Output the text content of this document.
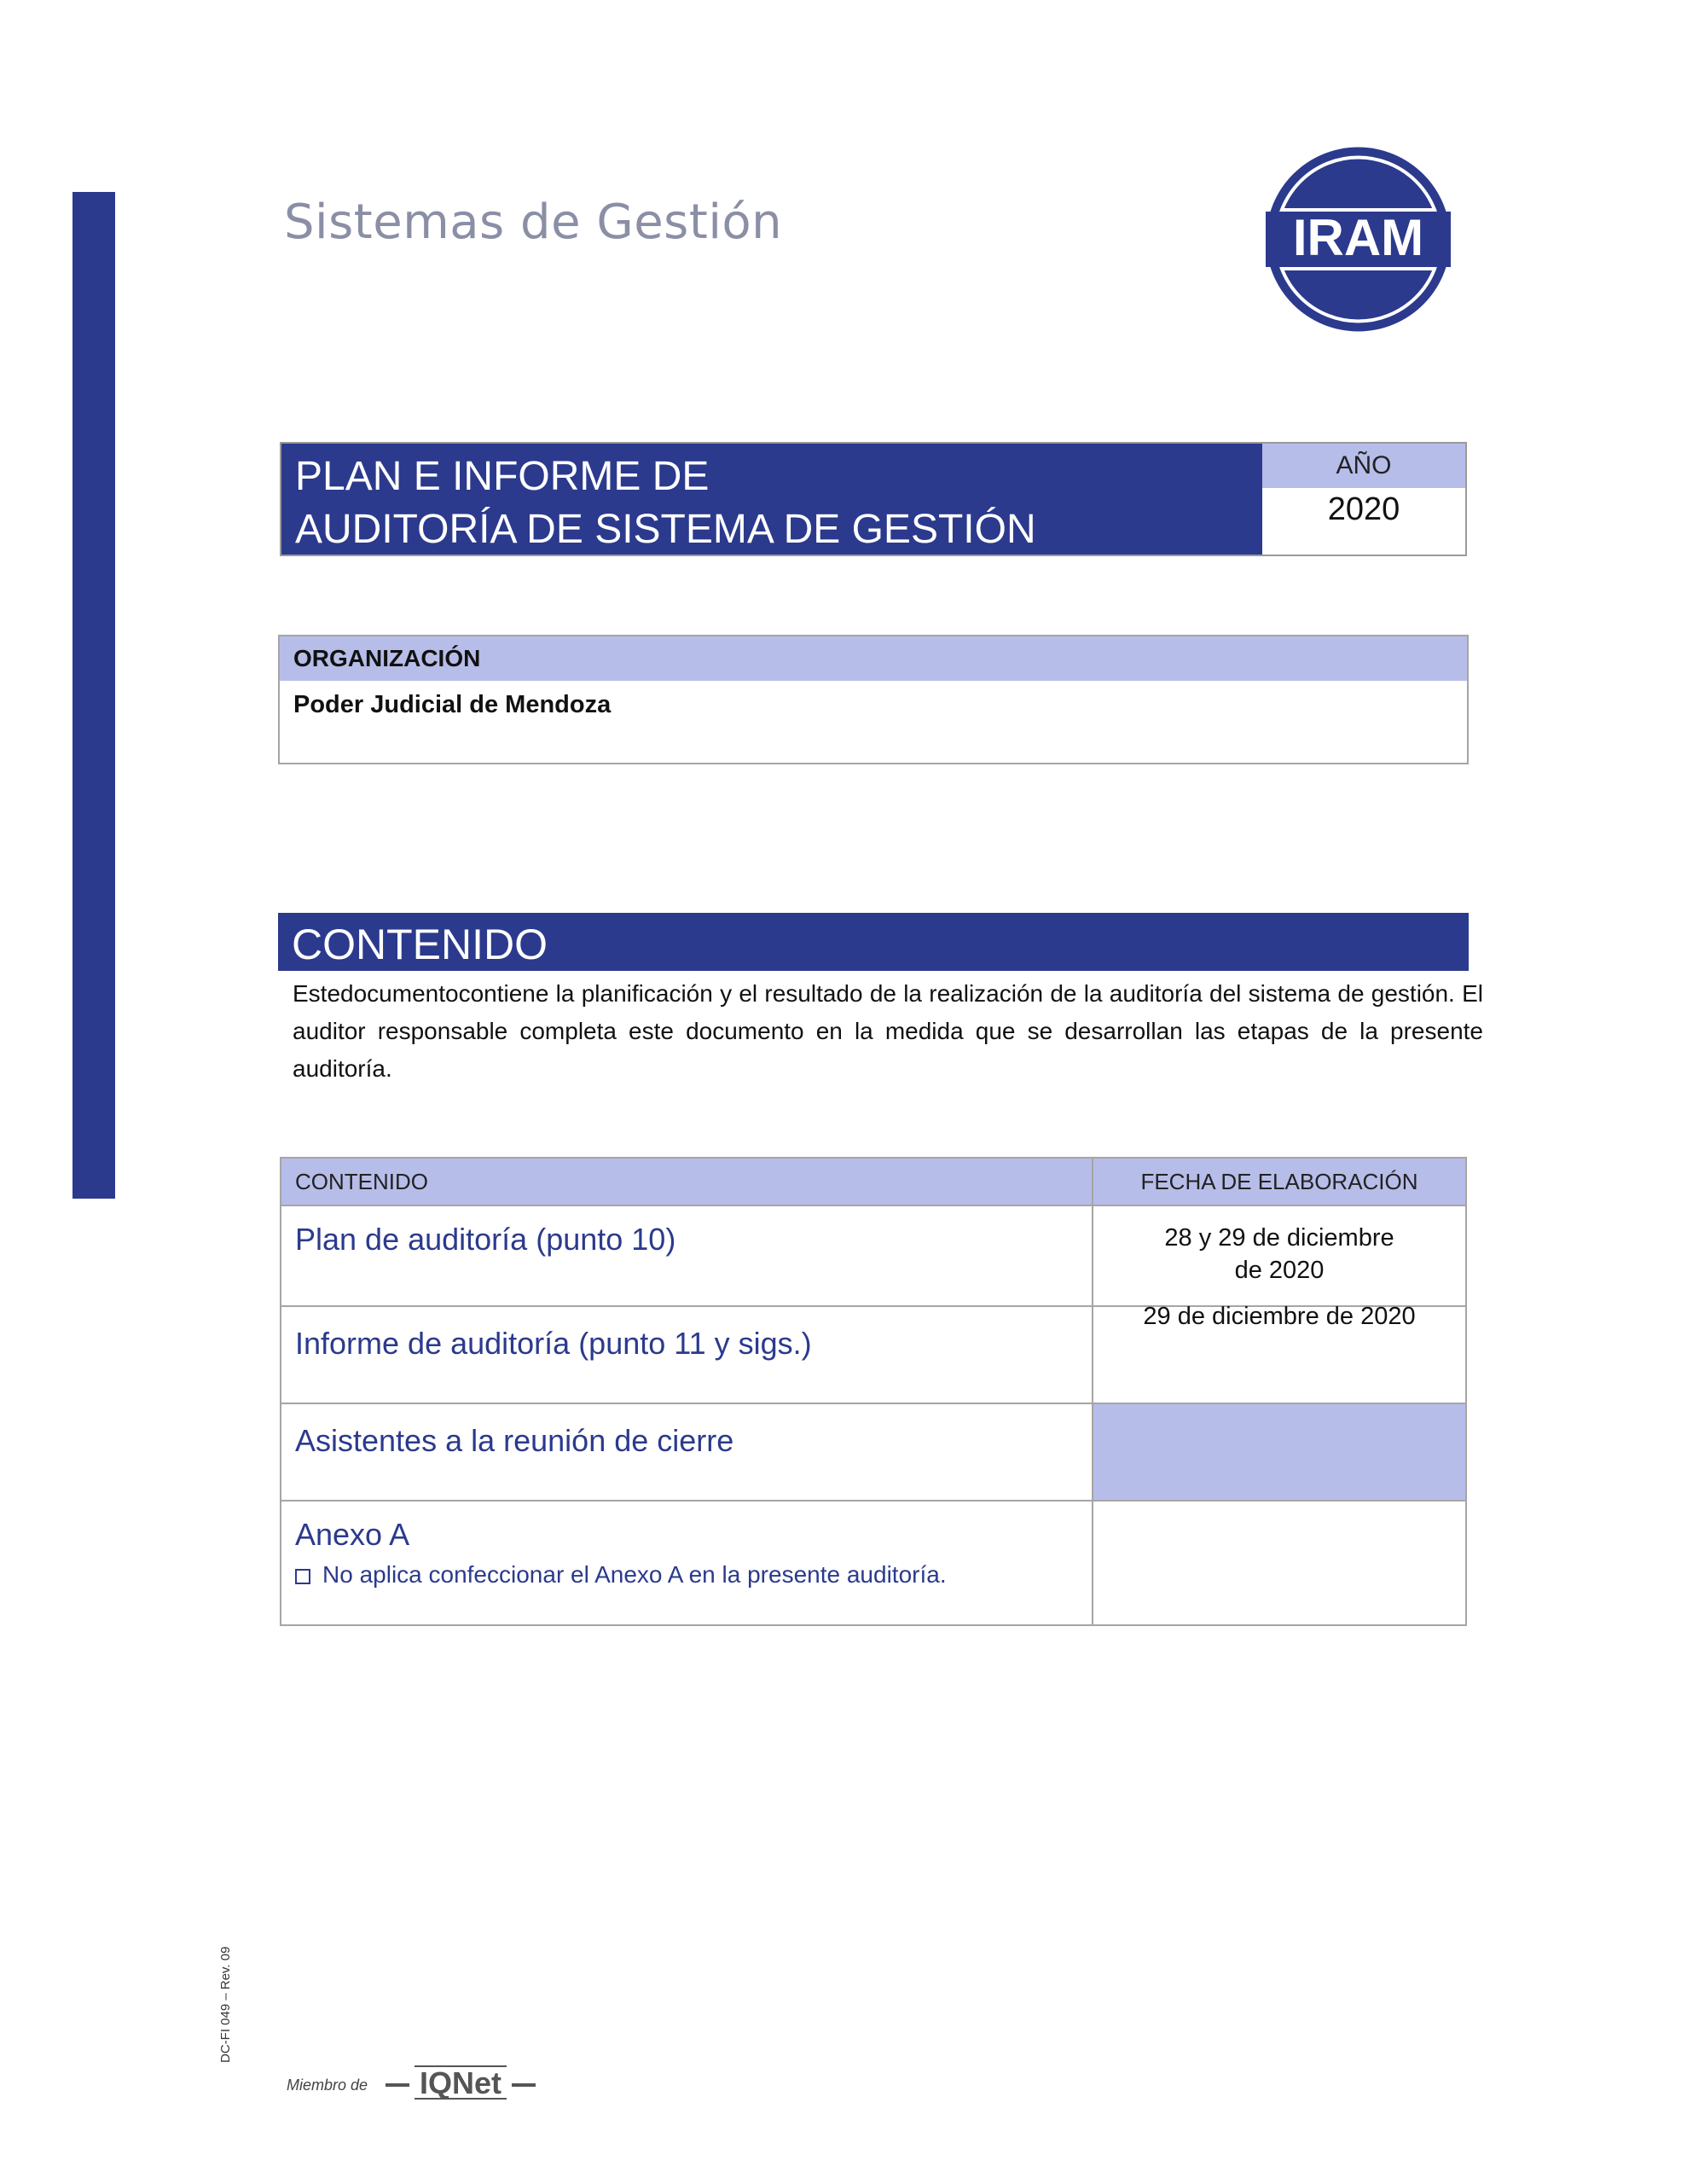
Sistemas de Gestión	IRAM
PLAN E INFORME DE
AUDITORÍA DE SISTEMA DE GESTIÓN
AÑO
2020
ORGANIZACIÓN
Poder Judicial de Mendoza
CONTENIDO
Estedocumentocontiene la planificación y el resultado de la realización de la auditoría del sistema de gestión. El auditor responsable completa este documento en la medida que se desarrollan las etapas de la presente auditoría.
CONTENIDO	FECHA DE ELABORACIÓN
Plan de auditoría (punto 10)	28 y 29 de diciembre
de 2020

Informe de auditoría (punto 11 y sigs.)	29 de diciembre de 2020
Asistentes a la reunión de cierre	

Anexo A
No aplica confeccionar el Anexo A en la presente auditoría.	

DC-FI 049 – Rev. 09
Miembro de IQNet
